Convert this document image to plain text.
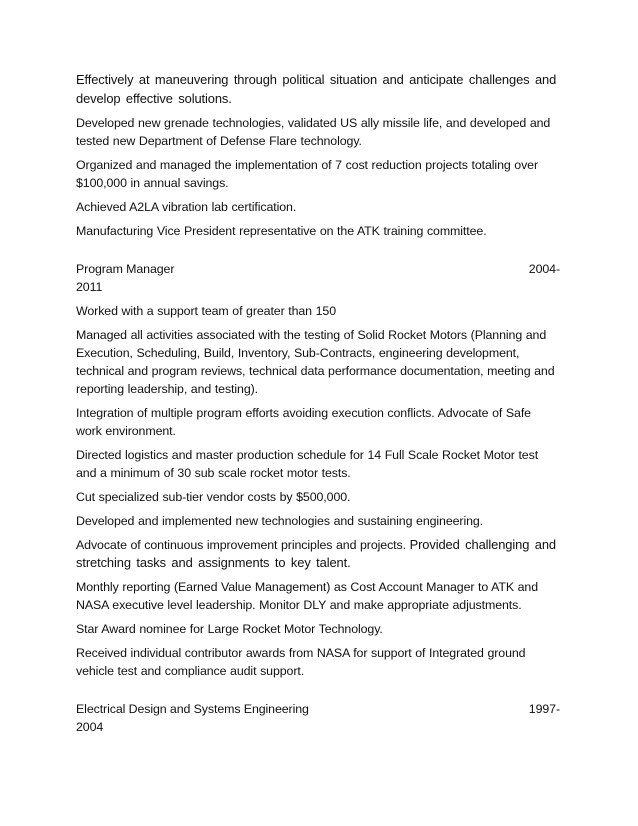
Effectively at maneuvering through political situation and anticipate challenges and develop effective solutions.

Developed new grenade technologies, validated US ally missile life, and developed and tested new Department of Defense Flare technology.

Organized and managed the implementation of 7 cost reduction projects totaling over $100,000 in annual savings.

Achieved A2LA vibration lab certification.

Manufacturing Vice President representative on the ATK training committee.

Program Manager	2004-
2011

Worked with a support team of greater than 150

Managed all activities associated with the testing of Solid Rocket Motors (Planning and Execution, Scheduling, Build, Inventory, Sub-Contracts, engineering development, technical and program reviews, technical data performance documentation, meeting and reporting leadership, and testing).

Integration of multiple program efforts avoiding execution conflicts. Advocate of Safe work environment.

Directed logistics and master production schedule for 14 Full Scale Rocket Motor test and a minimum of 30 sub scale rocket motor tests.

Cut specialized sub-tier vendor costs by $500,000.

Developed and implemented new technologies and sustaining engineering.

Advocate of continuous improvement principles and projects. Provided challenging and stretching tasks and assignments to key talent.

Monthly reporting (Earned Value Management) as Cost Account Manager to ATK and NASA executive level leadership. Monitor DLY and make appropriate adjustments.

Star Award nominee for Large Rocket Motor Technology.

Received individual contributor awards from NASA for support of Integrated ground vehicle test and compliance audit support.

Electrical Design and Systems Engineering	1997-
2004
